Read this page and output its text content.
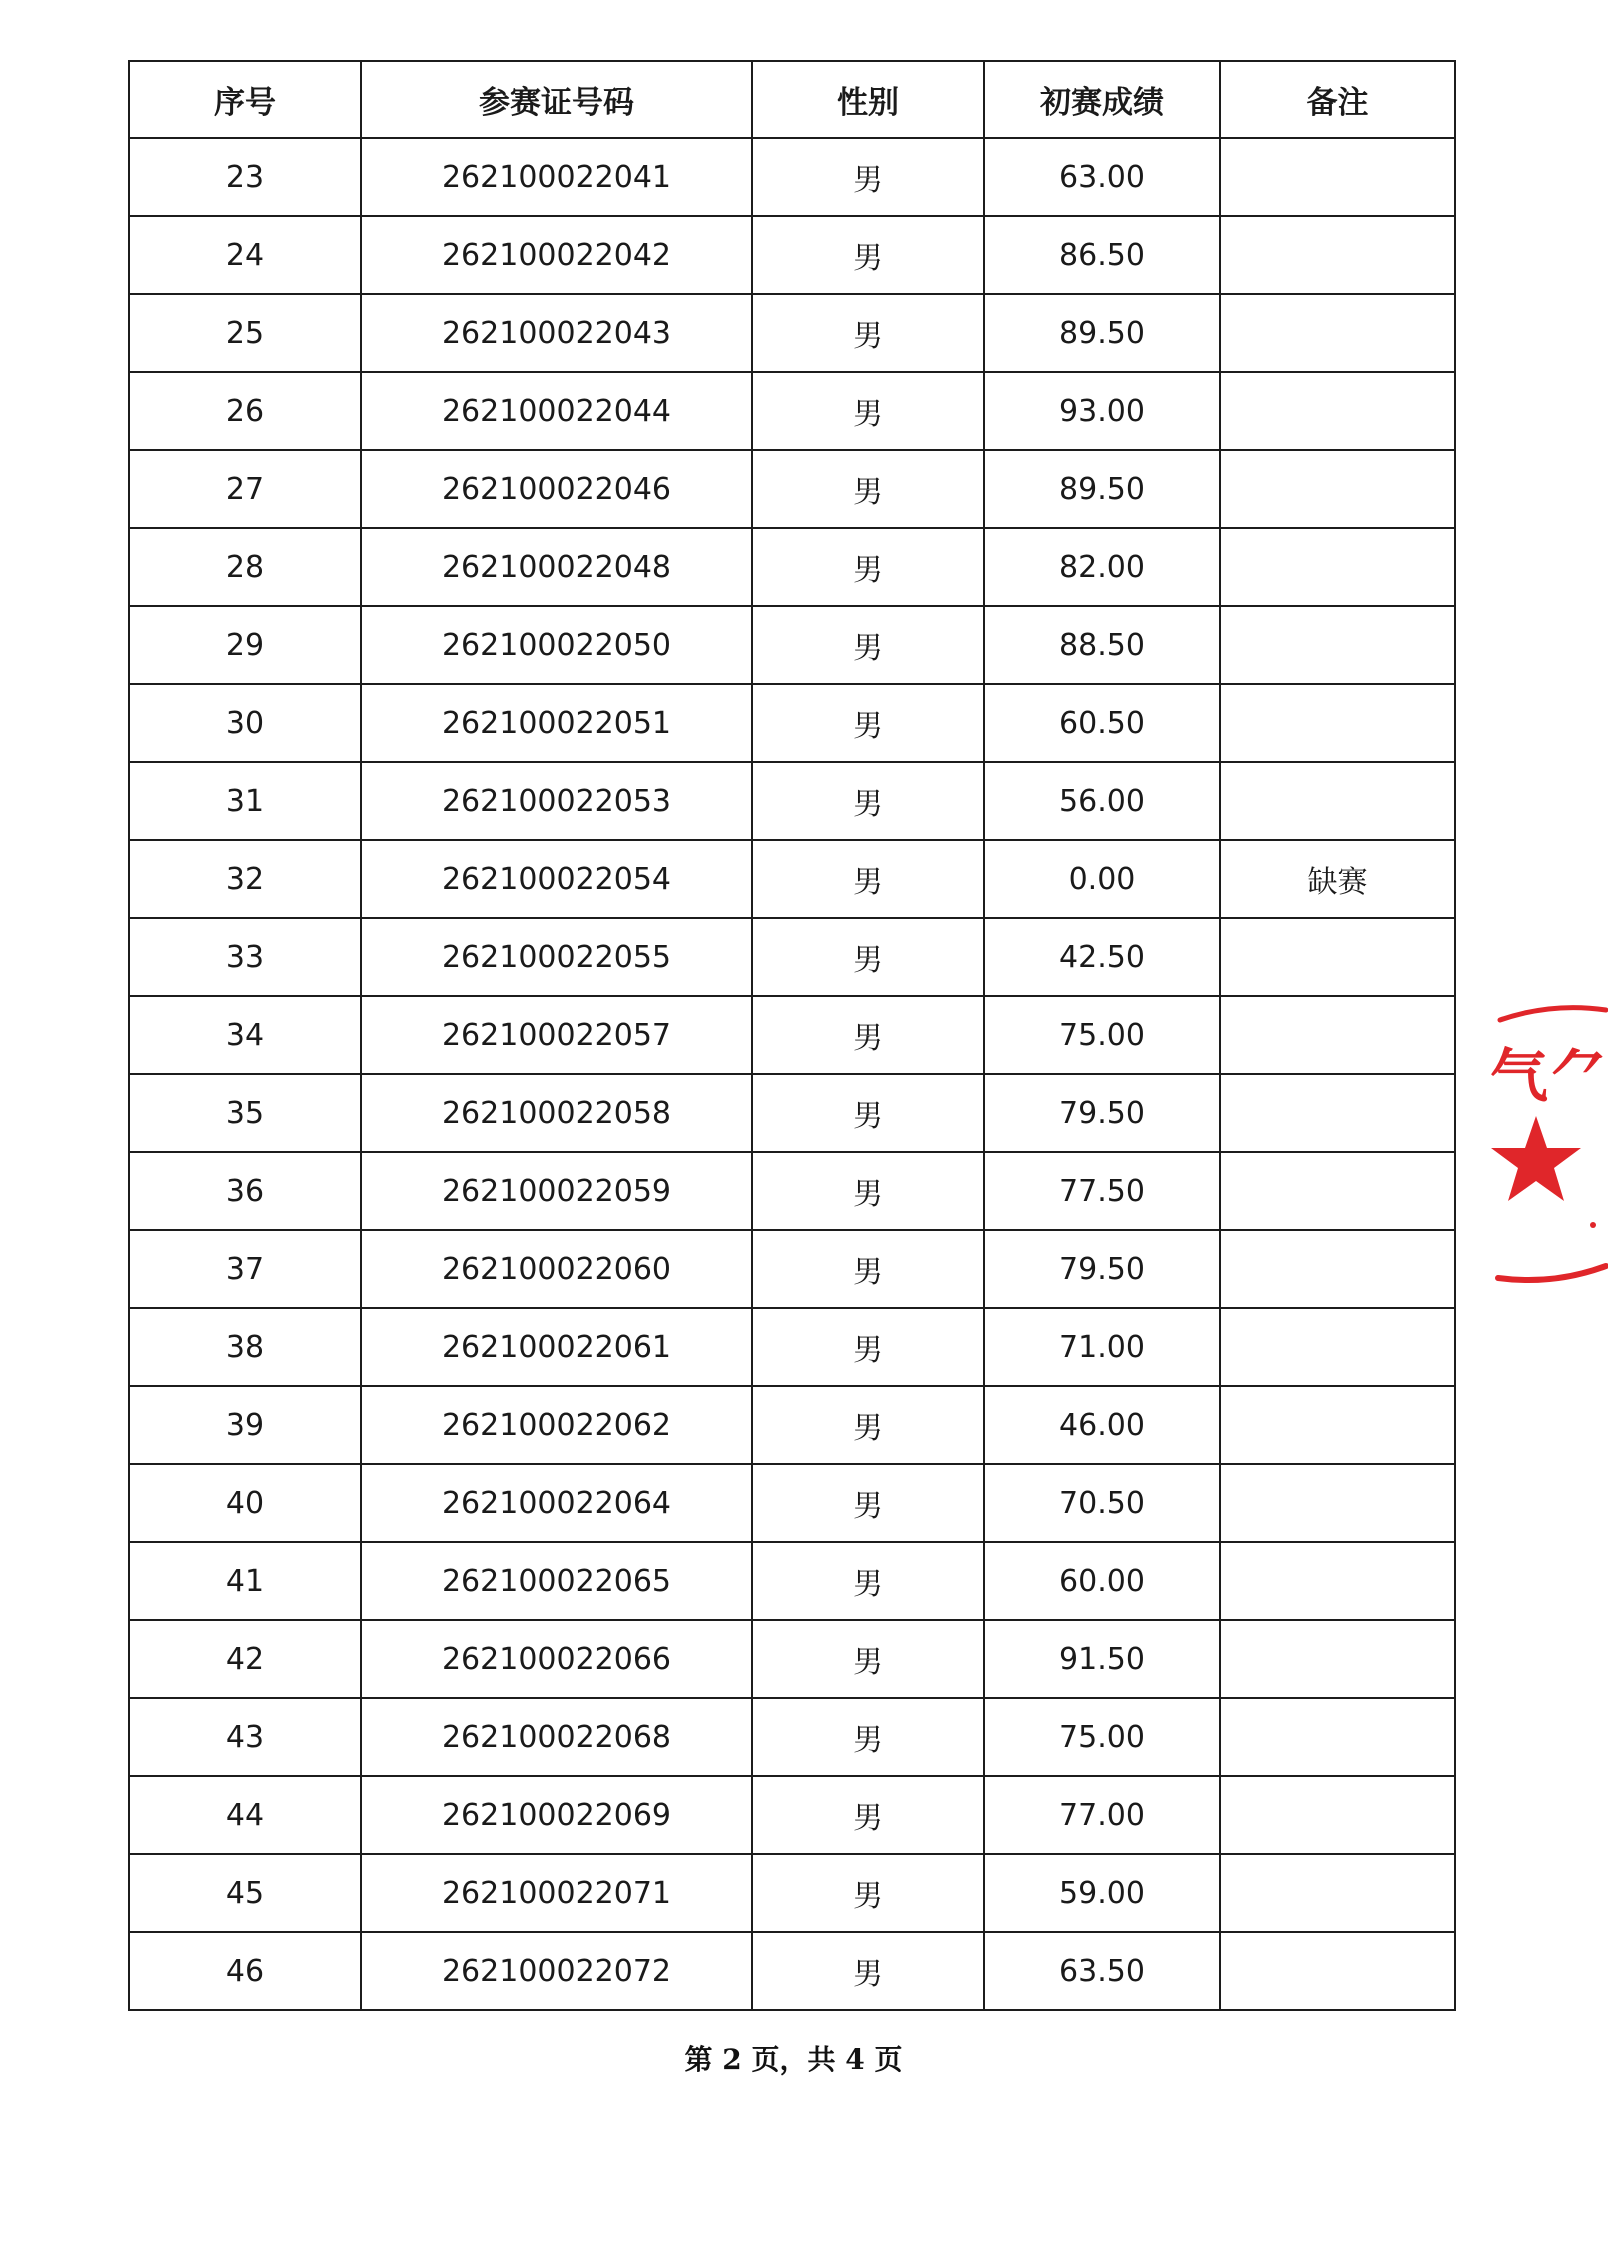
序号	参赛证号码	性别	初赛成绩	备注
23	262100022041	男	63.00	
24	262100022042	男	86.50	
25	262100022043	男	89.50	
26	262100022044	男	93.00	
27	262100022046	男	89.50	
28	262100022048	男	82.00	
29	262100022050	男	88.50	
30	262100022051	男	60.50	
31	262100022053	男	56.00	
32	262100022054	男	0.00	缺赛
33	262100022055	男	42.50	
34	262100022057	男	75.00	
35	262100022058	男	79.50	
36	262100022059	男	77.50	
37	262100022060	男	79.50	
38	262100022061	男	71.00	
39	262100022062	男	46.00	
40	262100022064	男	70.50	
41	262100022065	男	60.00	
42	262100022066	男	91.50	
43	262100022068	男	75.00	
44	262100022069	男	77.00	
45	262100022071	男	59.00	
46	262100022072	男	63.50	
第 2 页，共 4 页
气 ⺈
